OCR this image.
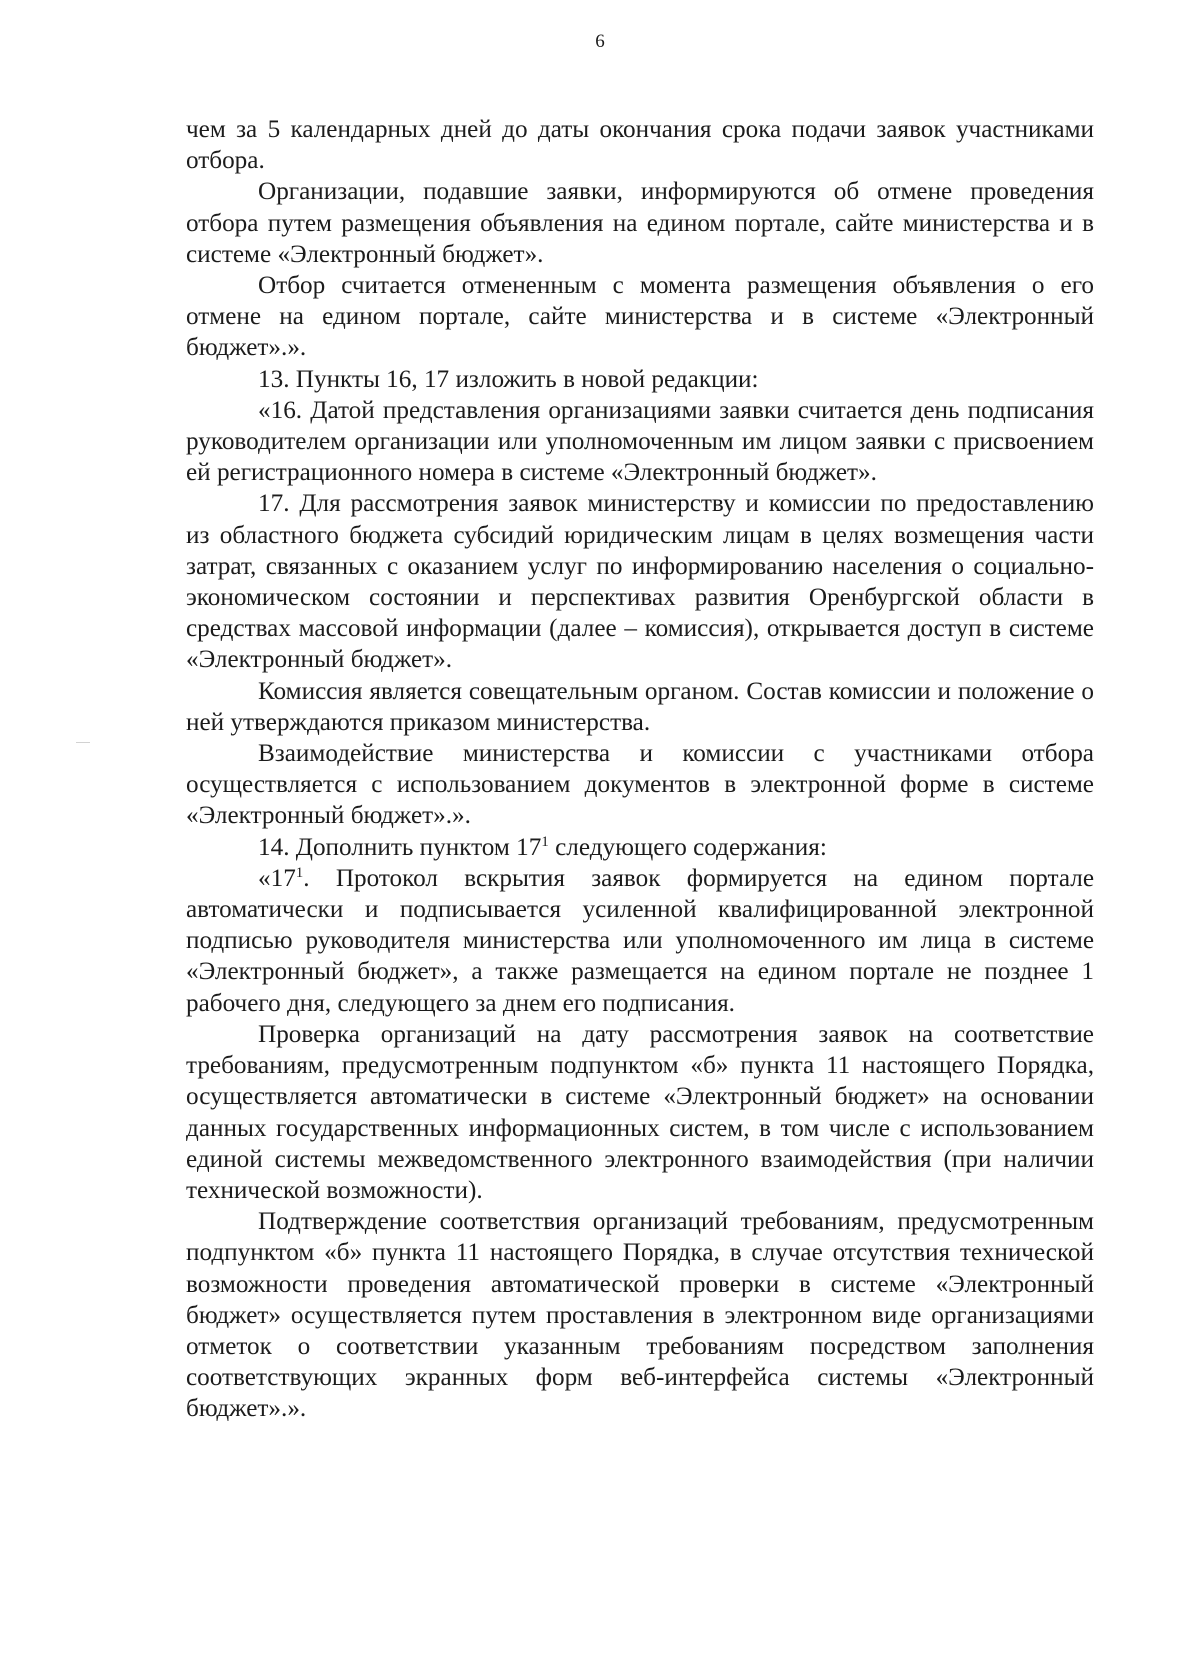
6

чем за 5 календарных дней до даты окончания срока подачи заявок участниками отбора.

Организации, подавшие заявки, информируются об отмене проведения отбора путем размещения объявления на едином портале, сайте министерства и в системе «Электронный бюджет».

Отбор считается отмененным с момента размещения объявления о его отмене на едином портале, сайте министерства и в системе «Электронный бюджет».».

13. Пункты 16, 17 изложить в новой редакции:

«16. Датой представления организациями заявки считается день подписания руководителем организации или уполномоченным им лицом заявки с присвоением ей регистрационного номера в системе «Электронный бюджет».

17. Для рассмотрения заявок министерству и комиссии по предоставлению из областного бюджета субсидий юридическим лицам в целях возмещения части затрат, связанных с оказанием услуг по информированию населения о социально-экономическом состоянии и перспективах развития Оренбургской области в средствах массовой информации (далее – комиссия), открывается доступ в системе «Электронный бюджет».

Комиссия является совещательным органом. Состав комиссии и положение о ней утверждаются приказом министерства.

Взаимодействие министерства и комиссии с участниками отбора осуществляется с использованием документов в электронной форме в системе «Электронный бюджет».».

14. Дополнить пунктом 17$^1$ следующего содержания:

«17$^1$. Протокол вскрытия заявок формируется на едином портале автоматически и подписывается усиленной квалифицированной электронной подписью руководителя министерства или уполномоченного им лица в системе «Электронный бюджет», а также размещается на едином портале не позднее 1 рабочего дня, следующего за днем его подписания.

Проверка организаций на дату рассмотрения заявок на соответствие требованиям, предусмотренным подпунктом «б» пункта 11 настоящего Порядка, осуществляется автоматически в системе «Электронный бюджет» на основании данных государственных информационных систем, в том числе с использованием единой системы межведомственного электронного взаимодействия (при наличии технической возможности).

Подтверждение соответствия организаций требованиям, предусмотренным подпунктом «б» пункта 11 настоящего Порядка, в случае отсутствия технической возможности проведения автоматической проверки в системе «Электронный бюджет» осуществляется путем проставления в электронном виде организациями отметок о соответствии указанным требованиям посредством заполнения соответствующих экранных форм веб-интерфейса системы «Электронный бюджет».».
